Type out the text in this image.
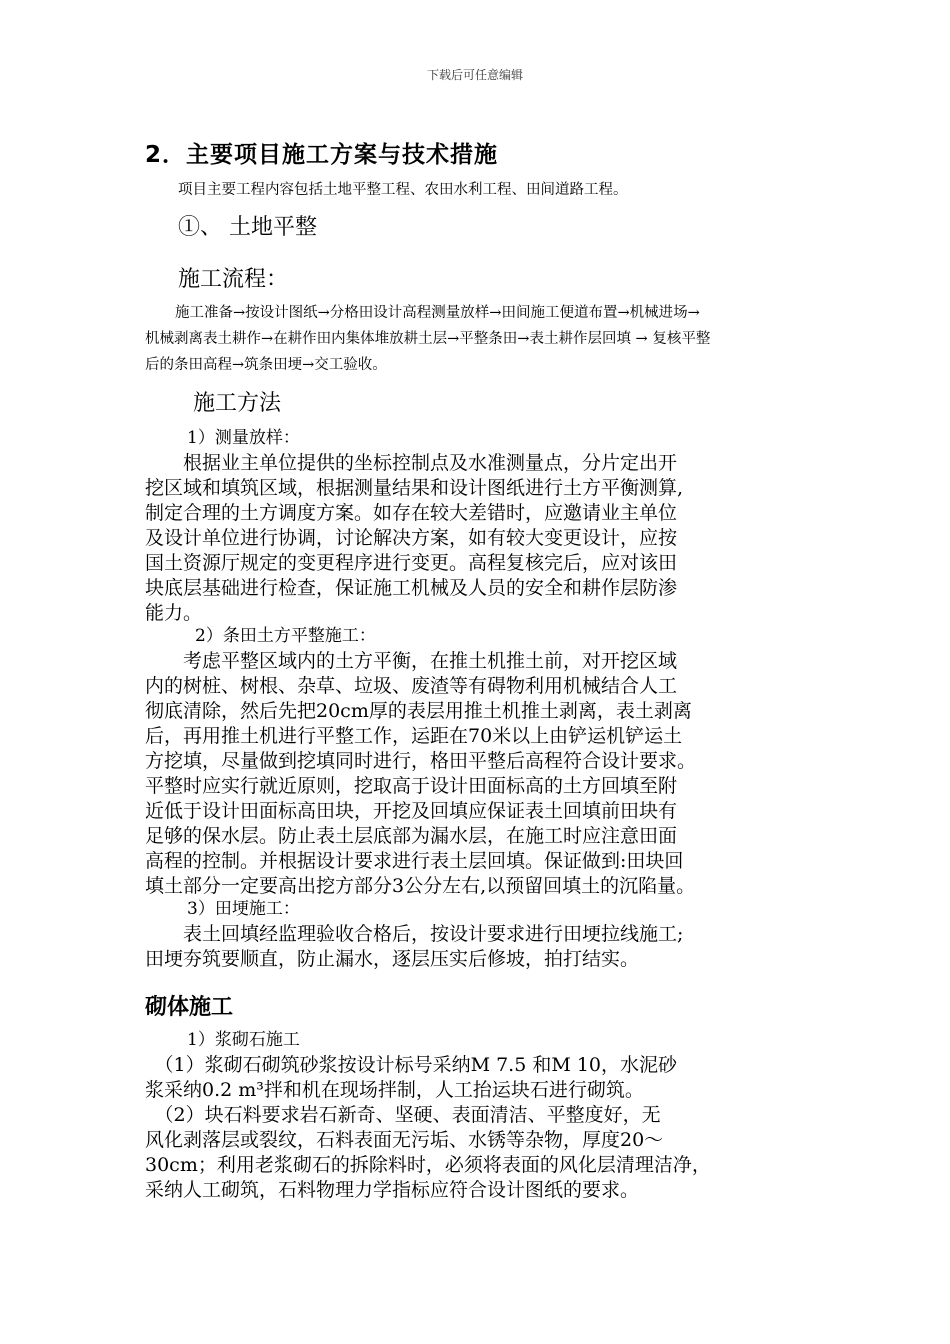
下载后可任意编辑
2．主要项目施工方案与技术措施
项目主要工程内容包括土地平整工程、农田水利工程、田间道路工程。
①、 土地平整
施工流程：
施工准备→按设计图纸→分格田设计高程测量放样→田间施工便道布置→机械进场→
机械剥离表土耕作→在耕作田内集体堆放耕土层→平整条田→表土耕作层回填 → 复核平整
后的条田高程→筑条田埂→交工验收。
施工方法
1）测量放样：
　　根据业主单位提供的坐标控制点及水准测量点，分片定出开
挖区域和填筑区域，根据测量结果和设计图纸进行土方平衡测算,
制定合理的土方调度方案。如存在较大差错时，应邀请业主单位
及设计单位进行协调，讨论解决方案，如有较大变更设计，应按
国土资源厅规定的变更程序进行变更。高程复核完后，应对该田
块底层基础进行检查，保证施工机械及人员的安全和耕作层防渗
能力。
2）条田土方平整施工：
　　考虑平整区域内的土方平衡，在推土机推土前，对开挖区域
内的树桩、树根、杂草、垃圾、废渣等有碍物利用机械结合人工
彻底清除，然后先把20cm厚的表层用推土机推土剥离，表土剥离
后，再用推土机进行平整工作，运距在70米以上由铲运机铲运土
方挖填，尽量做到挖填同时进行，格田平整后高程符合设计要求。
平整时应实行就近原则，挖取高于设计田面标高的土方回填至附
近低于设计田面标高田块，开挖及回填应保证表土回填前田块有
足够的保水层。防止表土层底部为漏水层，在施工时应注意田面
高程的控制。并根据设计要求进行表土层回填。保证做到:田块回
填土部分一定要高出挖方部分3公分左右,以预留回填土的沉陷量。
3）田埂施工：
　　表土回填经监理验收合格后，按设计要求进行田埂拉线施工;
田埂夯筑要顺直，防止漏水，逐层压实后修坡，拍打结实。
砌体施工
1）浆砌石施工
　（1）浆砌石砌筑砂浆按设计标号采纳M 7.5 和M 10，水泥砂
浆采纳0.2 m³拌和机在现场拌制，人工抬运块石进行砌筑。
　（2）块石料要求岩石新奇、坚硬、表面清洁、平整度好，无
风化剥落层或裂纹，石料表面无污垢、水锈等杂物，厚度20～
30cm；利用老浆砌石的拆除料时，必须将表面的风化层清理洁净，
采纳人工砌筑，石料物理力学指标应符合设计图纸的要求。
